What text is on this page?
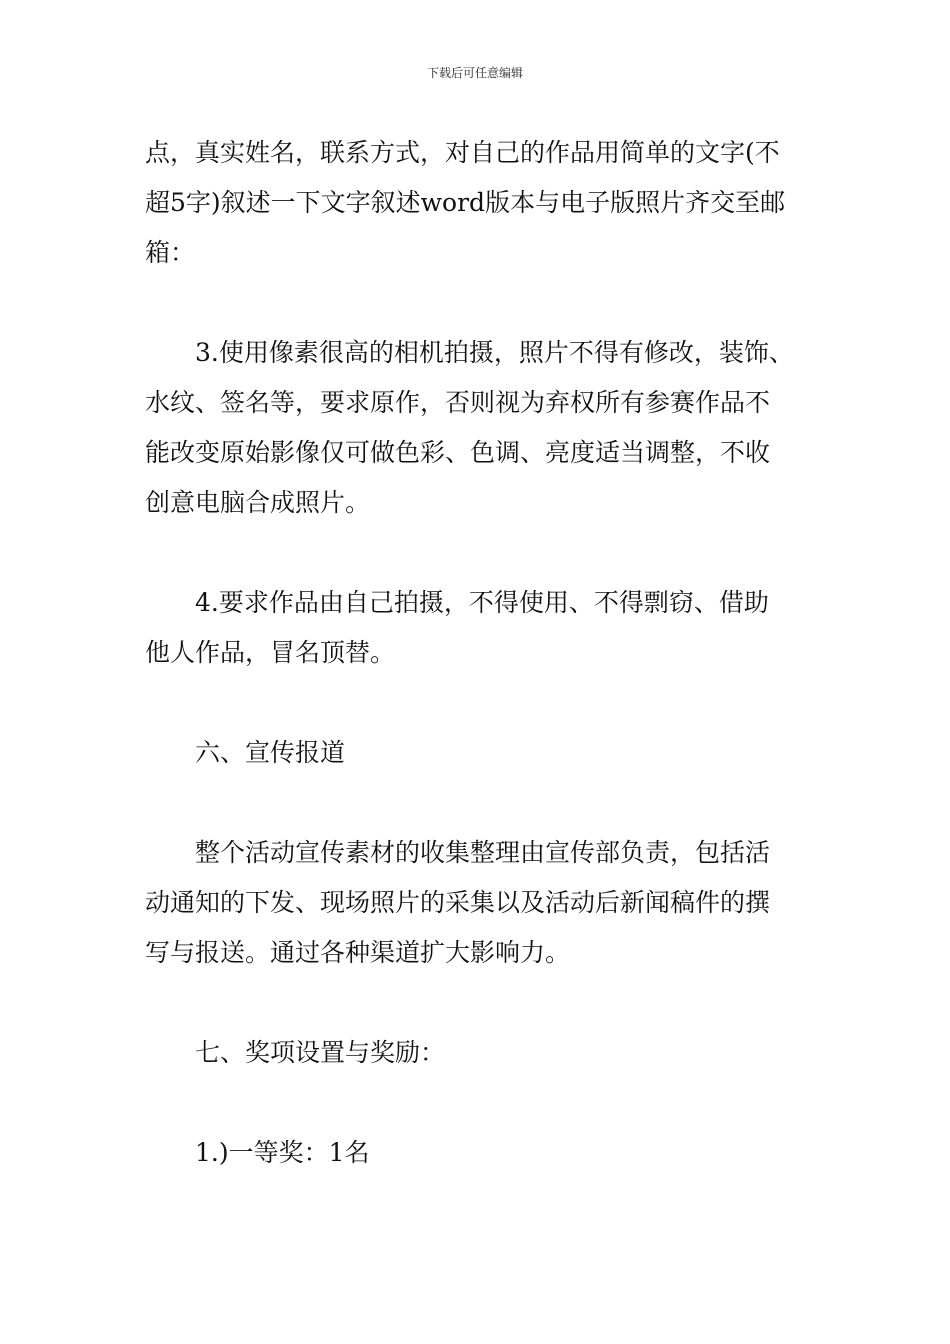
下载后可任意编辑
点，真实姓名，联系方式，对自己的作品用简单的文字(不
超5字)叙述一下文字叙述word版本与电子版照片齐交至邮
箱：
3.使用像素很高的相机拍摄，照片不得有修改，装饰、
水纹、签名等，要求原作，否则视为弃权所有参赛作品不
能改变原始影像仅可做色彩、色调、亮度适当调整，不收
创意电脑合成照片。
4.要求作品由自己拍摄，不得使用、不得剽窃、借助
他人作品，冒名顶替。
六、宣传报道
整个活动宣传素材的收集整理由宣传部负责，包括活
动通知的下发、现场照片的采集以及活动后新闻稿件的撰
写与报送。通过各种渠道扩大影响力。
七、奖项设置与奖励：
1.)一等奖：1名
